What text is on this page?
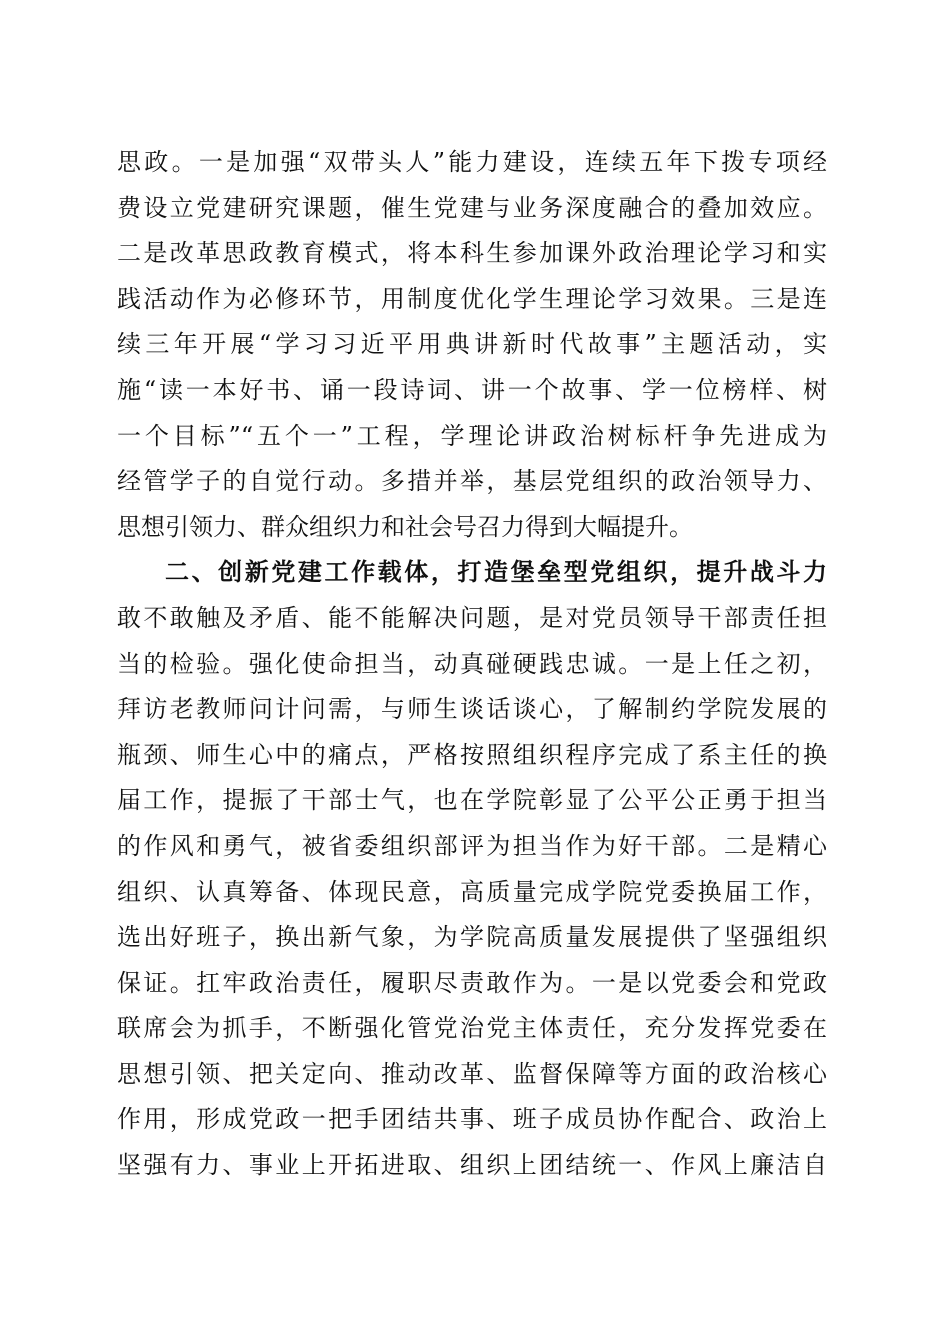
思政。一是加强“双带头人”能力建设，连续五年下拨专项经
费设立党建研究课题，催生党建与业务深度融合的叠加效应。
二是改革思政教育模式，将本科生参加课外政治理论学习和实
践活动作为必修环节，用制度优化学生理论学习效果。三是连
续三年开展“学习习近平用典讲新时代故事”主题活动，实
施“读一本好书、诵一段诗词、讲一个故事、学一位榜样、树
一个目标”“五个一”工程，学理论讲政治树标杆争先进成为
经管学子的自觉行动。多措并举，基层党组织的政治领导力、
思想引领力、群众组织力和社会号召力得到大幅提升。
二、创新党建工作载体，打造堡垒型党组织，提升战斗力
敢不敢触及矛盾、能不能解决问题，是对党员领导干部责任担
当的检验。强化使命担当，动真碰硬践忠诚。一是上任之初，
拜访老教师问计问需，与师生谈话谈心，了解制约学院发展的
瓶颈、师生心中的痛点，严格按照组织程序完成了系主任的换
届工作，提振了干部士气，也在学院彰显了公平公正勇于担当
的作风和勇气，被省委组织部评为担当作为好干部。二是精心
组织、认真筹备、体现民意，高质量完成学院党委换届工作，
选出好班子，换出新气象，为学院高质量发展提供了坚强组织
保证。扛牢政治责任，履职尽责敢作为。一是以党委会和党政
联席会为抓手，不断强化管党治党主体责任，充分发挥党委在
思想引领、把关定向、推动改革、监督保障等方面的政治核心
作用，形成党政一把手团结共事、班子成员协作配合、政治上
坚强有力、事业上开拓进取、组织上团结统一、作风上廉洁自
